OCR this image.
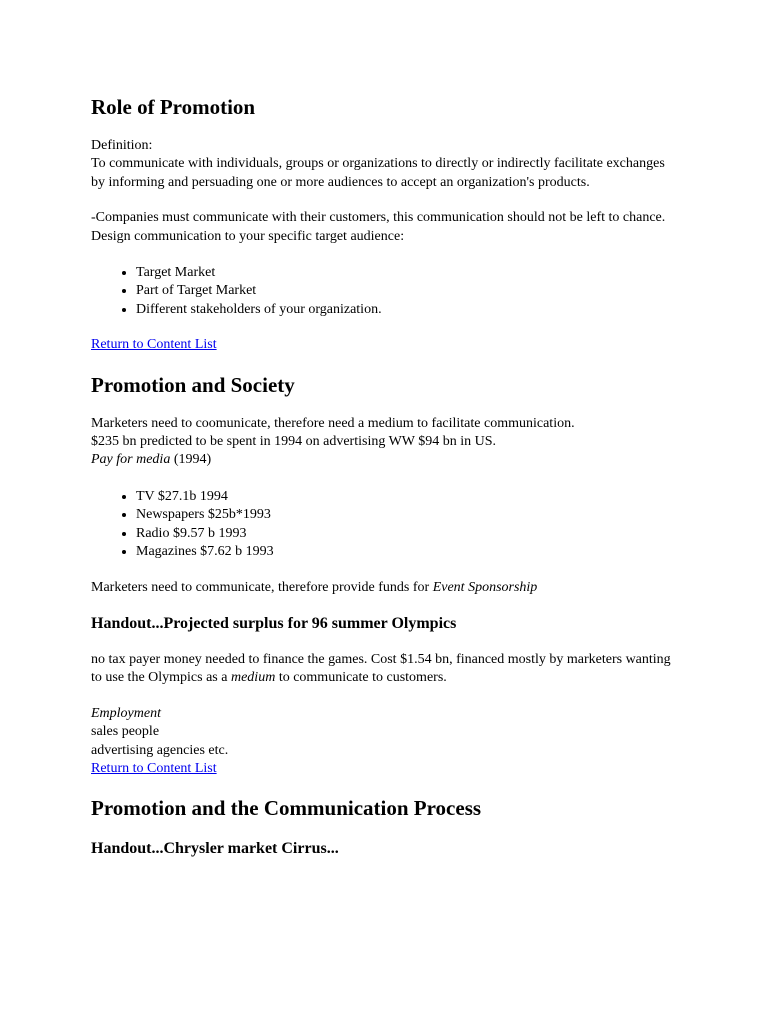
Role of Promotion

Definition:
To communicate with individuals, groups or organizations to directly or indirectly facilitate exchanges by informing and persuading one or more audiences to accept an organization's products.

-Companies must communicate with their customers, this communication should not be left to chance.
Design communication to your specific target audience:

• Target Market
• Part of Target Market
• Different stakeholders of your organization.

Return to Content List

Promotion and Society

Marketers need to coomunicate, therefore need a medium to facilitate communication.
$235 bn predicted to be spent in 1994 on advertising WW $94 bn in US.
Pay for media (1994)

• TV $27.1b 1994
• Newspapers $25b*1993
• Radio $9.57 b 1993
• Magazines $7.62 b 1993

Marketers need to communicate, therefore provide funds for Event Sponsorship

Handout...Projected surplus for 96 summer Olympics

no tax payer money needed to finance the games. Cost $1.54 bn, financed mostly by marketers wanting to use the Olympics as a medium to communicate to customers.

Employment
sales people
advertising agencies etc.
Return to Content List

Promotion and the Communication Process
Handout...Chrysler market Cirrus...
